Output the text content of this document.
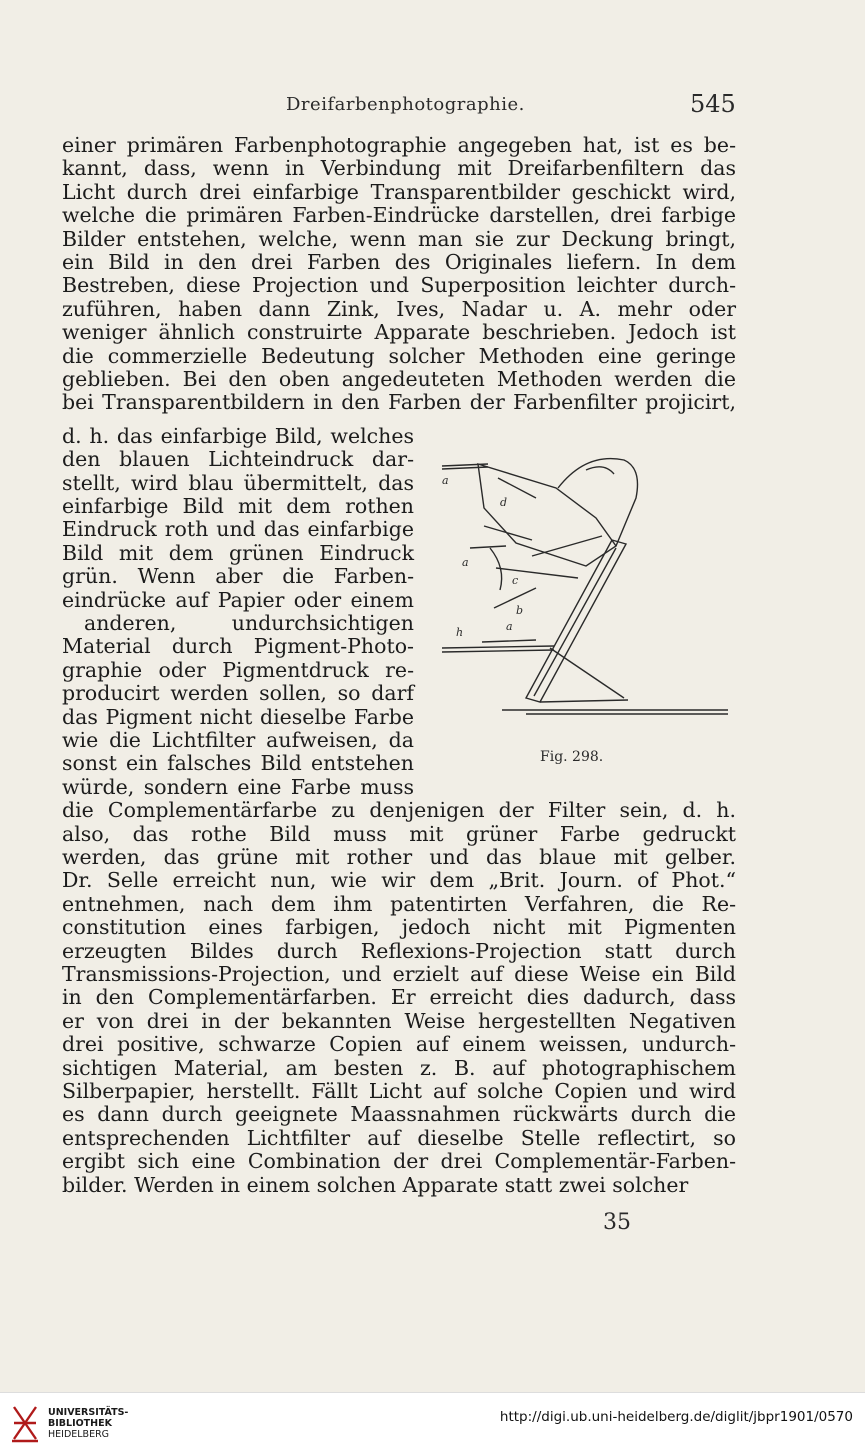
Dreifarbenphotographie.	545
einer primären Farbenphotographie angegeben hat, ist es be-
kannt, dass, wenn in Verbindung mit Dreifarbenfiltern das
Licht durch drei einfarbige Transparentbilder geschickt wird,
welche die primären Farben-Eindrücke darstellen, drei farbige
Bilder entstehen, welche, wenn man sie zur Deckung bringt,
ein Bild in den drei Farben des Originales liefern. In dem
Bestreben, diese Projection und Superposition leichter durch-
zuführen, haben dann Zink, Ives, Nadar u. A. mehr oder
weniger ähnlich construirte Apparate beschrieben. Jedoch ist
die commerzielle Bedeutung solcher Methoden eine geringe
geblieben. Bei den oben angedeuteten Methoden werden die
bei Transparentbildern in den Farben der Farbenfilter projicirt,
d. h. das einfarbige Bild, welches
den blauen Lichteindruck dar-
stellt, wird blau übermittelt, das
einfarbige Bild mit dem rothen
Eindruck roth und das einfarbige
Bild mit dem grünen Eindruck
grün. Wenn aber die Farben-
eindrücke auf Papier oder einem
anderen, undurchsichtigen
Material durch Pigment-Photo-
graphie oder Pigmentdruck re-
producirt werden sollen, so darf
das Pigment nicht dieselbe Farbe
wie die Lichtfilter aufweisen, da
sonst ein falsches Bild entstehen
würde, sondern eine Farbe muss
die Complementärfarbe zu denjenigen der Filter sein, d. h.
also, das rothe Bild muss mit grüner Farbe gedruckt
werden, das grüne mit rother und das blaue mit gelber.
Dr. Selle erreicht nun, wie wir dem „Brit. Journ. of Phot.“
entnehmen, nach dem ihm patentirten Verfahren, die Re-
constitution eines farbigen, jedoch nicht mit Pigmenten
erzeugten Bildes durch Reflexions-Projection statt durch
Transmissions-Projection, und erzielt auf diese Weise ein Bild
in den Complementärfarben. Er erreicht dies dadurch, dass
er von drei in der bekannten Weise hergestellten Negativen
drei positive, schwarze Copien auf einem weissen, undurch-
sichtigen Material, am besten z. B. auf photographischem
Silberpapier, herstellt. Fällt Licht auf solche Copien und wird
es dann durch geeignete Maassnahmen rückwärts durch die
entsprechenden Lichtfilter auf dieselbe Stelle reflectirt, so
ergibt sich eine Combination der drei Complementär-Farben-
bilder. Werden in einem solchen Apparate statt zwei solcher
a
d
a
c
b
h	a
Fig. 298.
35
UNIVERSITÄTS-
BIBLIOTHEK
HEIDELBERG
http://digi.ub.uni-heidelberg.de/diglit/jbpr1901/0570
